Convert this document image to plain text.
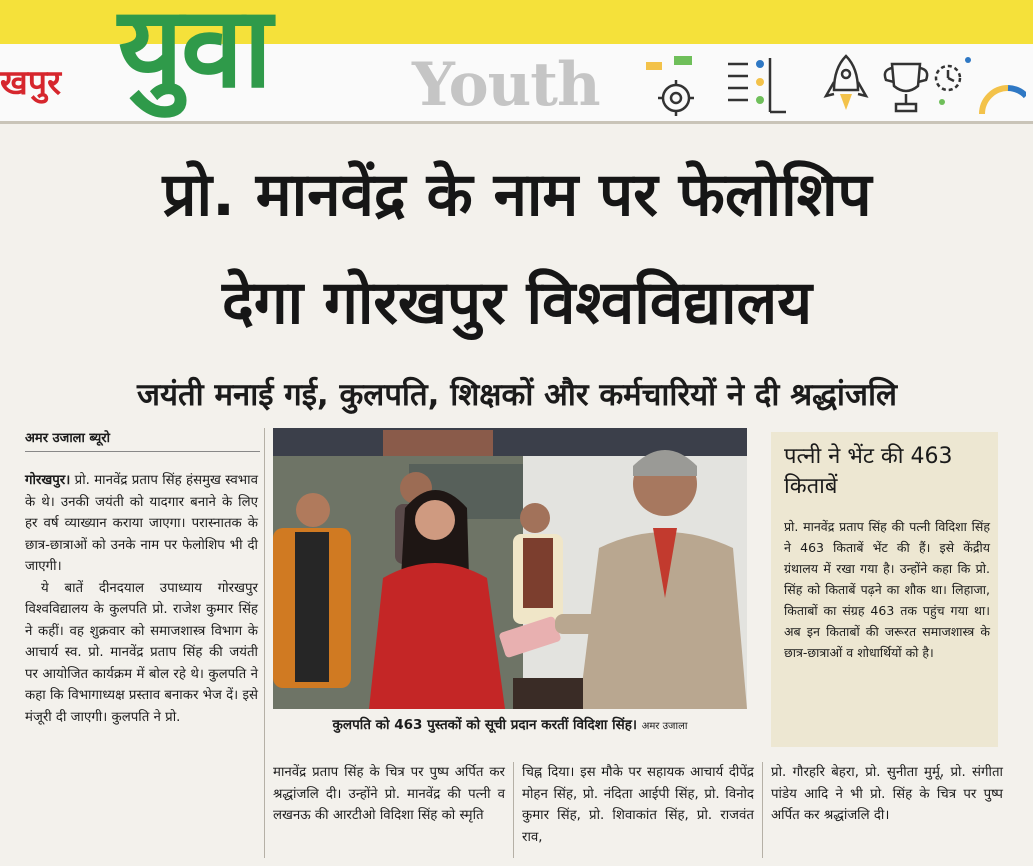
खपुर युवा Youth
प्रो. मानवेंद्र के नाम पर फेलोशिप
देगा गोरखपुर विश्वविद्यालय
जयंती मनाई गई, कुलपति, शिक्षकों और कर्मचारियों ने दी श्रद्धांजलि
अमर उजाला ब्यूरो

गोरखपुर। प्रो. मानवेंद्र प्रताप सिंह हंसमुख स्वभाव के थे। उनकी जयंती को यादगार बनाने के लिए हर वर्ष व्याख्यान कराया जाएगा। परास्नातक के छात्र-छात्राओं को उनके नाम पर फेलोशिप भी दी जाएगी।

ये बातें दीनदयाल उपाध्याय गोरखपुर विश्वविद्यालय के कुलपति प्रो. राजेश कुमार सिंह ने कहीं। वह शुक्रवार को समाजशास्त्र विभाग के आचार्य स्व. प्रो. मानवेंद्र प्रताप सिंह की जयंती पर आयोजित कार्यक्रम में बोल रहे थे। कुलपति ने कहा कि विभागाध्यक्ष प्रस्ताव बनाकर भेज दें। इसे मंजूरी दी जाएगी। कुलपति ने प्रो.	कुलपति को 463 पुस्तकों को सूची प्रदान करतीं विदिशा सिंह। अमर उजाला
पत्नी ने भेंट की 463 किताबें
प्रो. मानवेंद्र प्रताप सिंह की पत्नी विदिशा सिंह ने 463 किताबें भेंट की हैं। इसे केंद्रीय ग्रंथालय में रखा गया है। उन्होंने कहा कि प्रो. सिंह को किताबें पढ़ने का शौक था। लिहाजा, किताबों का संग्रह 463 तक पहुंच गया था। अब इन किताबों की जरूरत समाजशास्त्र के छात्र-छात्राओं व शोधार्थियों को है।
मानवेंद्र प्रताप सिंह के चित्र पर पुष्प अर्पित कर श्रद्धांजलि दी। उन्होंने प्रो. मानवेंद्र की पत्नी व लखनऊ की आरटीओ विदिशा सिंह को स्मृति
चिह्न दिया। इस मौके पर सहायक आचार्य दीपेंद्र मोहन सिंह, प्रो. नंदिता आईपी सिंह, प्रो. विनोद कुमार सिंह, प्रो. शिवाकांत सिंह, प्रो. राजवंत राव,
प्रो. गौरहरि बेहरा, प्रो. सुनीता मुर्मू, प्रो. संगीता पांडेय आदि ने भी प्रो. सिंह के चित्र पर पुष्प अर्पित कर श्रद्धांजलि दी।
